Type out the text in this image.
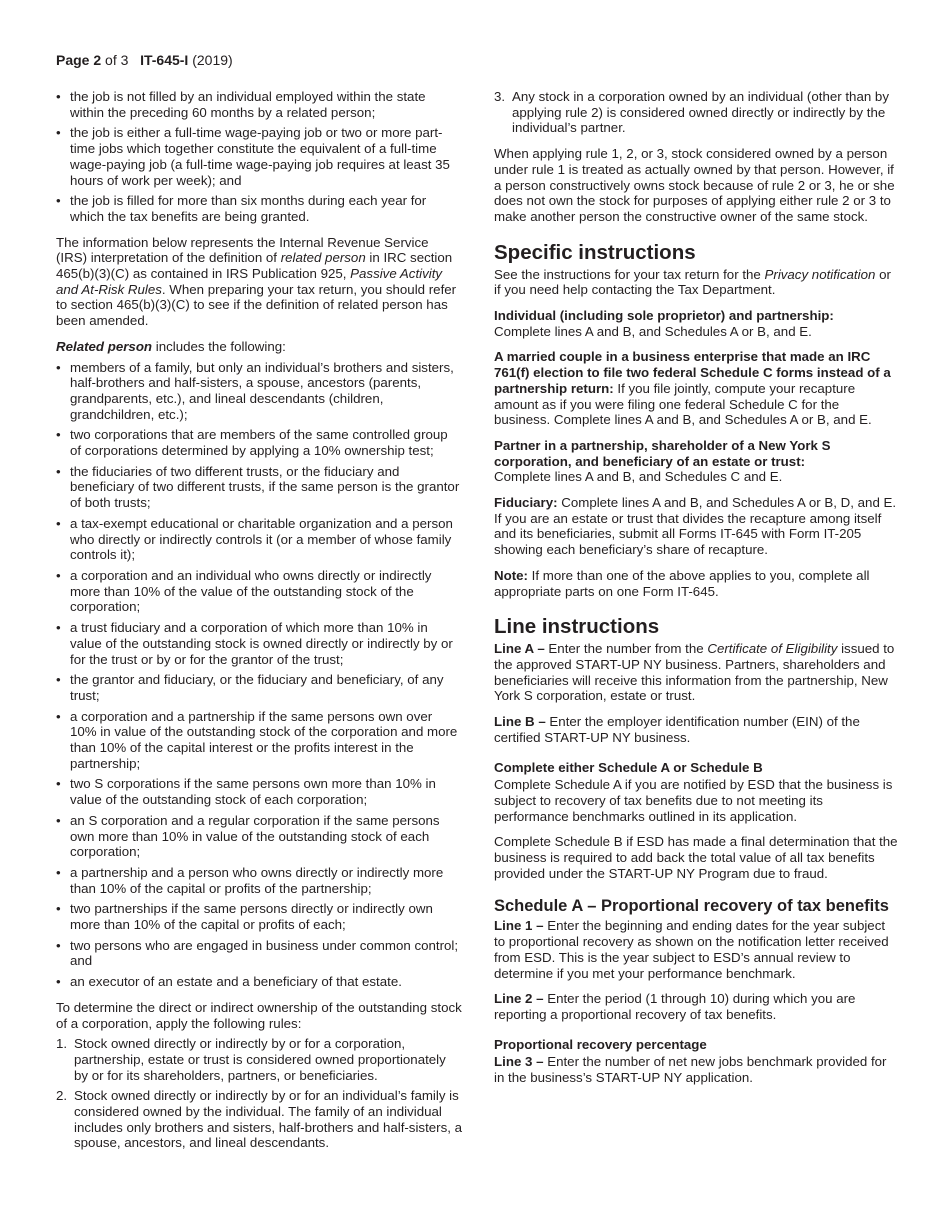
Page 2 of 3 IT-645-I (2019)
• the job is not filled by an individual employed within the state within the preceding 60 months by a related person;
• the job is either a full-time wage-paying job or two or more part-time jobs which together constitute the equivalent of a full-time wage-paying job (a full-time wage-paying job requires at least 35 hours of work per week); and
• the job is filled for more than six months during each year for which the tax benefits are being granted.

The information below represents the Internal Revenue Service (IRS) interpretation of the definition of related person in IRC section 465(b)(3)(C) as contained in IRS Publication 925, Passive Activity and At-Risk Rules. When preparing your tax return, you should refer to section 465(b)(3)(C) to see if the definition of related person has been amended.

Related person includes the following:

• members of a family, but only an individual’s brothers and sisters, half-brothers and half-sisters, a spouse, ancestors (parents, grandparents, etc.), and lineal descendants (children, grandchildren, etc.);
• two corporations that are members of the same controlled group of corporations determined by applying a 10% ownership test;
• the fiduciaries of two different trusts, or the fiduciary and beneficiary of two different trusts, if the same person is the grantor of both trusts;
• a tax-exempt educational or charitable organization and a person who directly or indirectly controls it (or a member of whose family controls it);
• a corporation and an individual who owns directly or indirectly more than 10% of the value of the outstanding stock of the corporation;
• a trust fiduciary and a corporation of which more than 10% in value of the outstanding stock is owned directly or indirectly by or for the trust or by or for the grantor of the trust;
• the grantor and fiduciary, or the fiduciary and beneficiary, of any trust;
• a corporation and a partnership if the same persons own over 10% in value of the outstanding stock of the corporation and more than 10% of the capital interest or the profits interest in the partnership;
• two S corporations if the same persons own more than 10% in value of the outstanding stock of each corporation;
• an S corporation and a regular corporation if the same persons own more than 10% in value of the outstanding stock of each corporation;
• a partnership and a person who owns directly or indirectly more than 10% of the capital or profits of the partnership;
• two partnerships if the same persons directly or indirectly own more than 10% of the capital or profits of each;
• two persons who are engaged in business under common control; and
• an executor of an estate and a beneficiary of that estate.

To determine the direct or indirect ownership of the outstanding stock of a corporation, apply the following rules:

1. Stock owned directly or indirectly by or for a corporation, partnership, estate or trust is considered owned proportionately by or for its shareholders, partners, or beneficiaries.
2. Stock owned directly or indirectly by or for an individual’s family is considered owned by the individual. The family of an individual includes only brothers and sisters, half-brothers and half-sisters, a spouse, ancestors, and lineal descendants.
3. Any stock in a corporation owned by an individual (other than by applying rule 2) is considered owned directly or indirectly by the individual’s partner.

When applying rule 1, 2, or 3, stock considered owned by a person under rule 1 is treated as actually owned by that person. However, if a person constructively owns stock because of rule 2 or 3, he or she does not own the stock for purposes of applying either rule 2 or 3 to make another person the constructive owner of the same stock.

Specific instructions

See the instructions for your tax return for the Privacy notification or if you need help contacting the Tax Department.

Individual (including sole proprietor) and partnership:
Complete lines A and B, and Schedules A or B, and E.

A married couple in a business enterprise that made an IRC 761(f) election to file two federal Schedule C forms instead of a partnership return: If you file jointly, compute your recapture amount as if you were filing one federal Schedule C for the business. Complete lines A and B, and Schedules A or B, and E.

Partner in a partnership, shareholder of a New York S corporation, and beneficiary of an estate or trust:
Complete lines A and B, and Schedules C and E.

Fiduciary: Complete lines A and B, and Schedules A or B, D, and E. If you are an estate or trust that divides the recapture among itself and its beneficiaries, submit all Forms IT-645 with Form IT-205 showing each beneficiary’s share of recapture.

Note: If more than one of the above applies to you, complete all appropriate parts on one Form IT-645.

Line instructions

Line A – Enter the number from the Certificate of Eligibility issued to the approved START-UP NY business. Partners, shareholders and beneficiaries will receive this information from the partnership, New York S corporation, estate or trust.

Line B – Enter the employer identification number (EIN) of the certified START-UP NY business.

Complete either Schedule A or Schedule B

Complete Schedule A if you are notified by ESD that the business is subject to recovery of tax benefits due to not meeting its performance benchmarks outlined in its application.

Complete Schedule B if ESD has made a final determination that the business is required to add back the total value of all tax benefits provided under the START-UP NY Program due to fraud.

Schedule A – Proportional recovery of tax benefits

Line 1 – Enter the beginning and ending dates for the year subject to proportional recovery as shown on the notification letter received from ESD. This is the year subject to ESD’s annual review to determine if you met your performance benchmark.

Line 2 – Enter the period (1 through 10) during which you are reporting a proportional recovery of tax benefits.

Proportional recovery percentage

Line 3 – Enter the number of net new jobs benchmark provided for in the business’s START-UP NY application.
